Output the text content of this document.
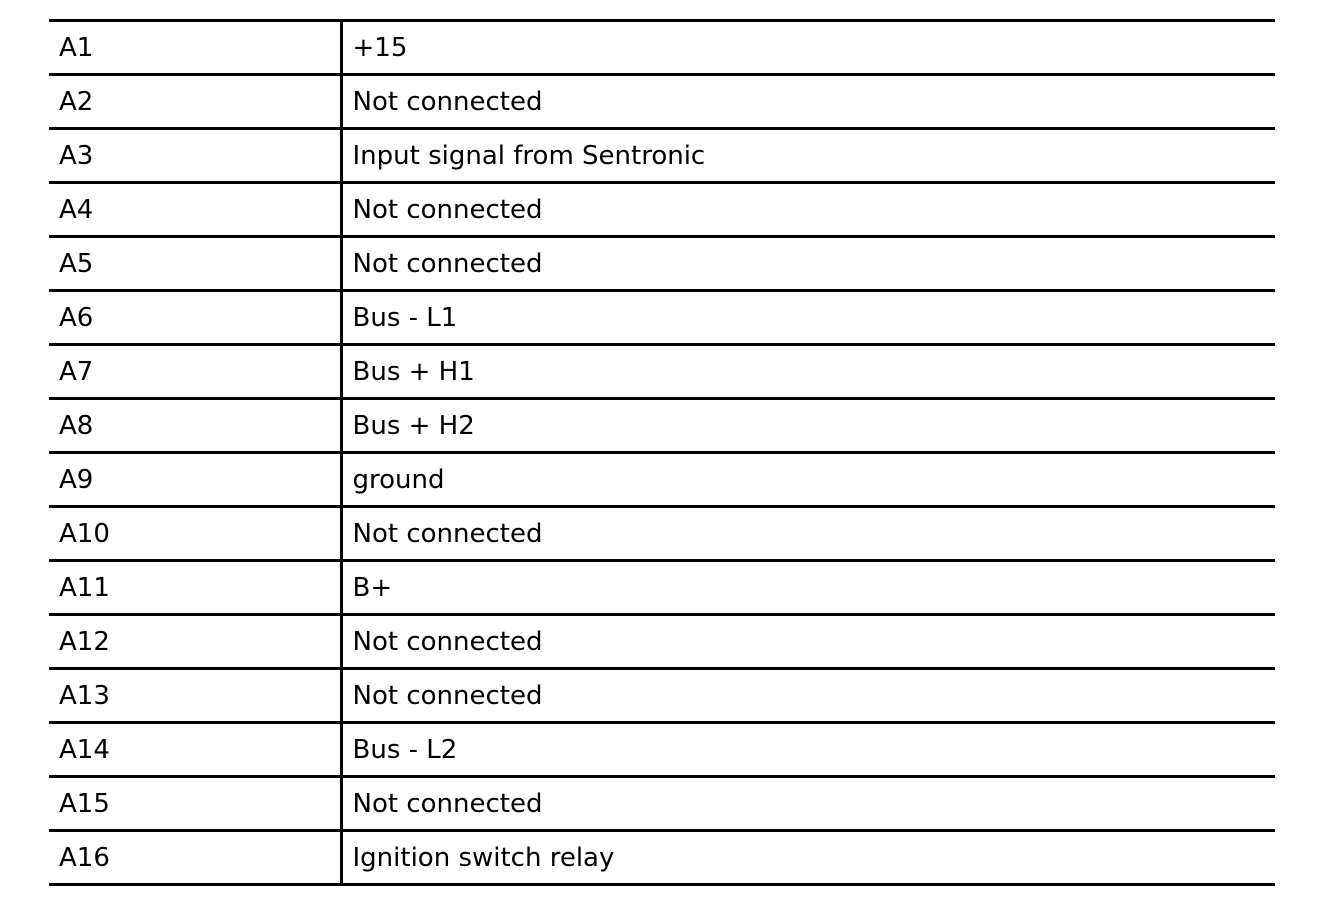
A1	+15
A2	Not connected
A3	Input signal from Sentronic
A4	Not connected
A5	Not connected
A6	Bus - L1
A7	Bus + H1
A8	Bus + H2
A9	ground
A10	Not connected
A11	B+
A12	Not connected
A13	Not connected
A14	Bus - L2
A15	Not connected
A16	Ignition switch relay
